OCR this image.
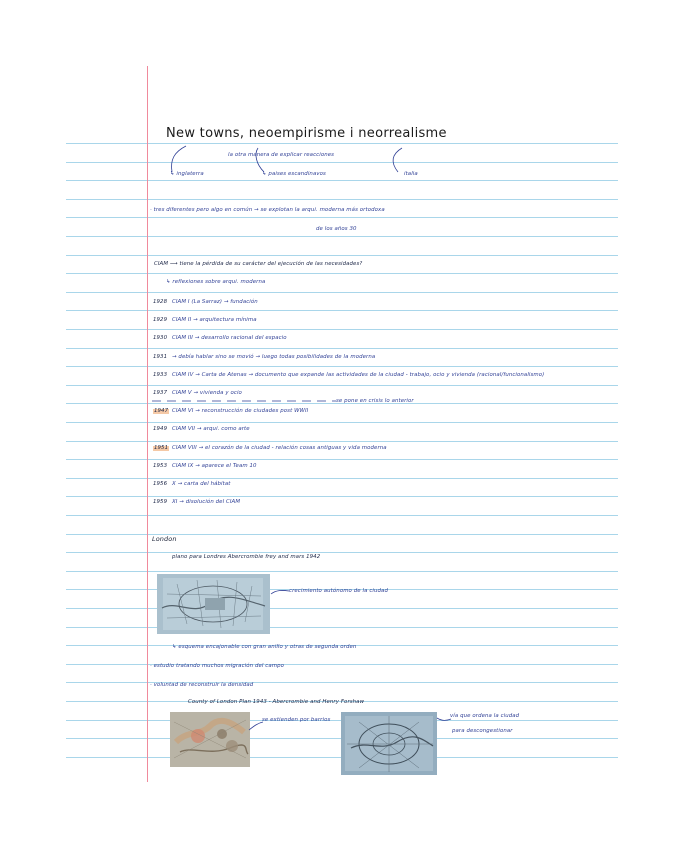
New towns, neoempirisme i neorrealisme
la otra manera de explicar reacciones
↳ inglaterra	↳ paises escandinavos	italia
· tres diferentes pero algo en común → se explotan la arqui. moderna más ortodoxa
de los años 30
CIAM ⟶ tiene la pérdida de su carácter del ejecución de las necesidades?
↳ reflexiones sobre arqui. moderna
1928 CIAM I (La Sarraz) → fundación
1929 CIAM II → arquitectura mínima
1930 CIAM III → desarrollo racional del espacio
1931 → debía hablar sino se movió → luego todas posibilidades de la moderna
1933 CIAM IV → Carta de Atenas → documento que expande las actividades de la ciudad - trabajo, ocio y vivienda (racional/funcionalismo)
1937 CIAM V → vivienda y ocio
1947 CIAM VI → reconstrucción de ciudades post WWII
1949 CIAM VII → arqui. como arte
1951 CIAM VIII → el corazón de la ciudad - relación cosas antiguas y vida moderna
1953 CIAM IX → aparece el Team 10
1956 X → carta del hábitat
1959 XI → disolución del CIAM
se pone en crisis lo anterior
London
plano para Londres Abercrombie frey and mars 1942
crecimiento autónomo de la ciudad
↳ esquema encajonable con gran anillo y otras de segunda orden
· estudio tratando muchos migración del campo
· voluntad de reconstruir la densidad
County of London Plan 1943 - Abercrombie and Henry Forshaw
se extienden por barrios
vía que ordena la ciudad
para descongestionar
